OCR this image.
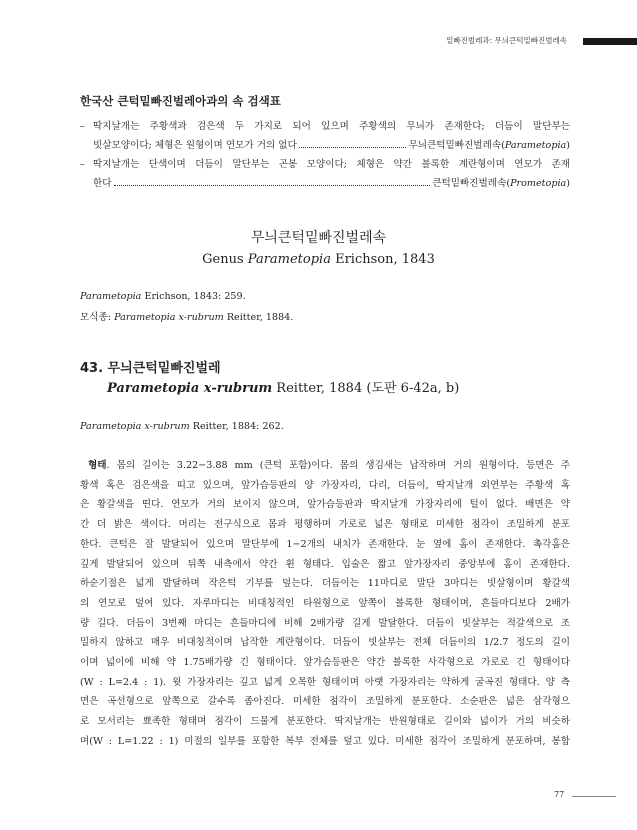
밑빠진벌레과: 무늬큰턱밑빠진벌레속
한국산 큰턱밑빠진벌레아과의 속 검색표
– 딱지날개는 주황색과 검은색 두 가지로 되어 있으며 주황색의 무늬가 존재한다; 더듬이 말단부는
빗살모양이다; 체형은 원형이며 연모가 거의 없다	무늬큰턱밑빠진벌레속(Parametopia)
– 딱지날개는 단색이며 더듬이 말단부는 곤봉 모양이다; 체형은 약간 볼록한 계란형이며 연모가 존재
한다	큰턱밑빠진벌레속(Prometopia)
무늬큰턱밑빠진벌레속
Genus Parametopia Erichson, 1843
Parametopia Erichson, 1843: 259.
모식종: Parametopia x-rubrum Reitter, 1884.
43. 무늬큰턱밑빠진벌레
Parametopia x-rubrum Reitter, 1884 (도판 6-42a, b)
Parametopia x-rubrum Reitter, 1884: 262.
형태. 몸의 길이는 3.22−3.88 mm (큰턱 포함)이다. 몸의 생김새는 납작하며 거의 원형이다. 등면은 주
황색 혹은 검은색을 띠고 있으며, 앞가슴등판의 양 가장자리, 다리, 더듬이, 딱지날개 외연부는 주황색 혹
은 황갈색을 띤다. 연모가 거의 보이지 않으며, 앞가슴등판과 딱지날개 가장자리에 털이 없다. 배면은 약
간 더 밝은 색이다. 머리는 전구식으로 몸과 평행하며 가로로 넓은 형태로 미세한 점각이 조밀하게 분포
한다. 큰턱은 잘 발달되어 있으며 말단부에 1−2개의 내치가 존재한다. 눈 옆에 홈이 존재한다. 촉각홈은
깊게 발달되어 있으며 뒤쪽 내측에서 약간 휜 형태다. 입술은 짧고 앞가장자리 중앙부에 홈이 존재한다.
하순기절은 넓게 발달하며 작은턱 기부를 덮는다. 더듬이는 11마디로 말단 3마디는 빗살형이며 황갈색
의 연모로 덮여 있다. 자루마디는 비대칭적인 타원형으로 앞쪽이 볼록한 형태이며, 흔들마디보다 2배가
량 길다. 더듬이 3번째 마디는 흔들마디에 비해 2배가량 길게 발달한다. 더듬이 빗살부는 적갈색으로 조
밀하지 않하고 매우 비대칭적이며 납작한 계란형이다. 더듬이 빗살부는 전체 더듬이의 1/2.7 정도의 길이
이며 넓이에 비해 약 1.75배가량 긴 형태이다. 앞가슴등판은 약간 볼록한 사각형으로 가로로 긴 형태이다
(W : L=2.4 : 1). 윗 가장자리는 깊고 넓게 오목한 형태이며 아랫 가장자리는 약하게 굴곡진 형태다. 양 측
면은 곡선형으로 앞쪽으로 갈수록 좁아진다. 미세한 점각이 조밀하게 분포한다. 소순판은 넓은 삼각형으
로 모서리는 뾰족한 형태며 점각이 드물게 분포한다. 딱지날개는 반원형태로 길이와 넓이가 거의 비슷하
며(W : L=1.22 : 1) 미절의 일부를 포함한 복부 전체를 덮고 있다. 미세한 점각이 조밀하게 분포하며, 봉합
77
